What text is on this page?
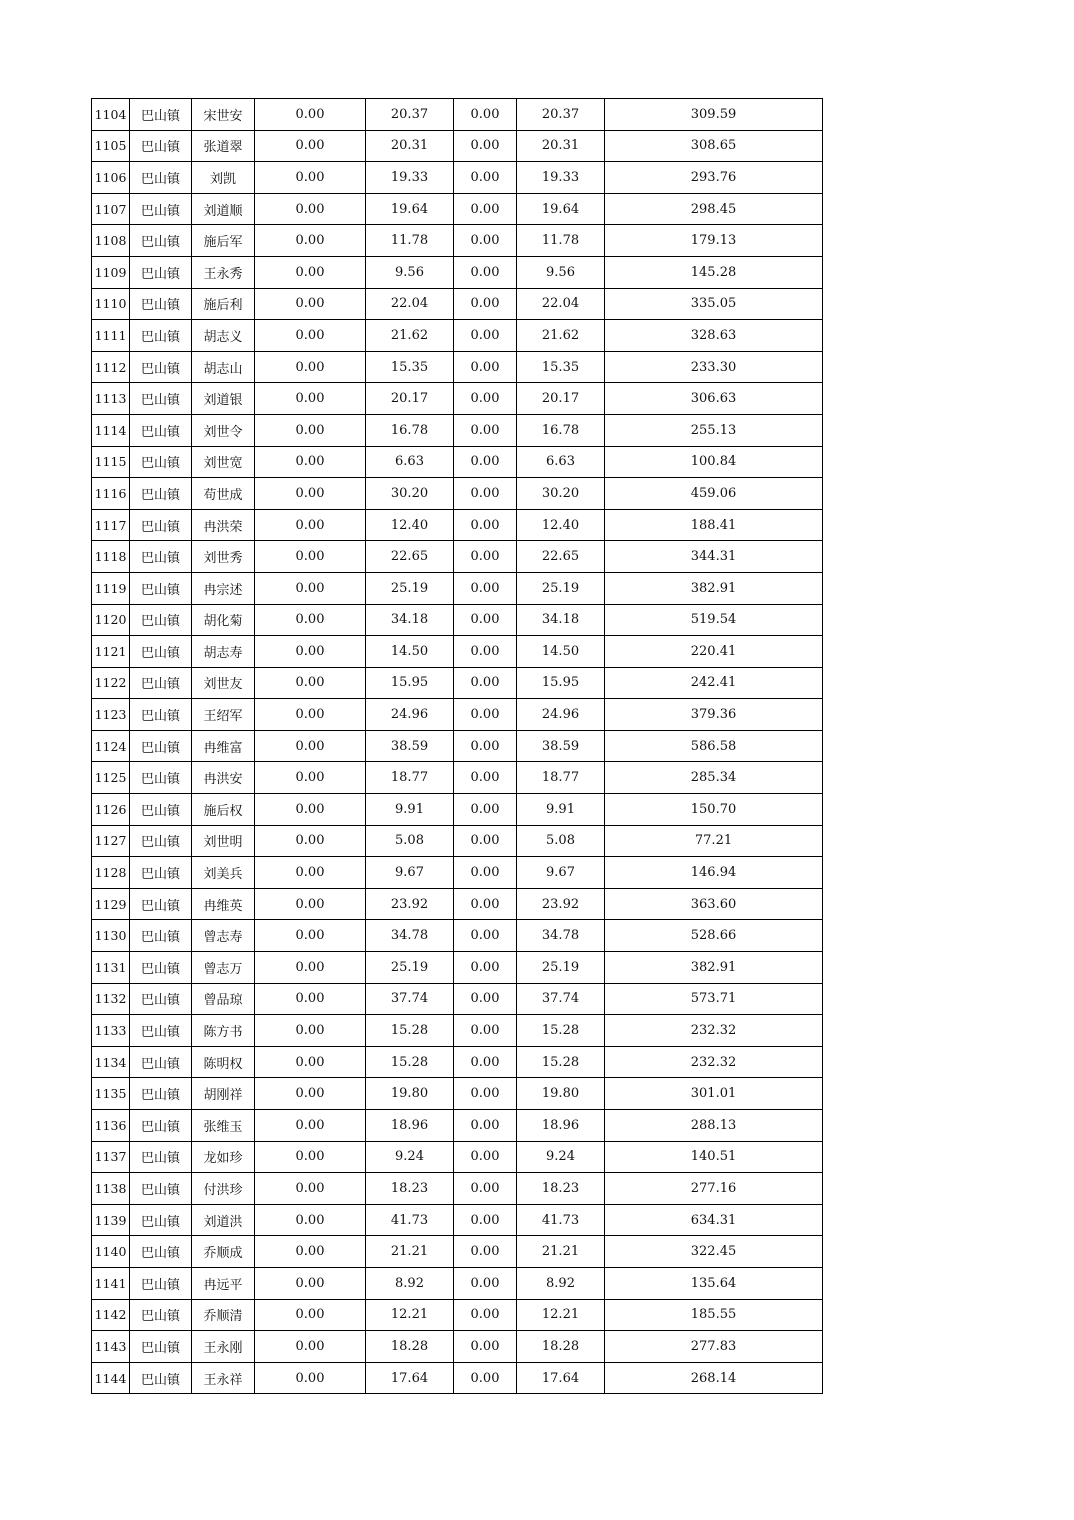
1104	巴山镇	宋世安	0.00	20.37	0.00	20.37	309.59
1105	巴山镇	张道翠	0.00	20.31	0.00	20.31	308.65
1106	巴山镇	刘凯	0.00	19.33	0.00	19.33	293.76
1107	巴山镇	刘道顺	0.00	19.64	0.00	19.64	298.45
1108	巴山镇	施后军	0.00	11.78	0.00	11.78	179.13
1109	巴山镇	王永秀	0.00	9.56	0.00	9.56	145.28
1110	巴山镇	施后利	0.00	22.04	0.00	22.04	335.05
1111	巴山镇	胡志义	0.00	21.62	0.00	21.62	328.63
1112	巴山镇	胡志山	0.00	15.35	0.00	15.35	233.30
1113	巴山镇	刘道银	0.00	20.17	0.00	20.17	306.63
1114	巴山镇	刘世令	0.00	16.78	0.00	16.78	255.13
1115	巴山镇	刘世宽	0.00	6.63	0.00	6.63	100.84
1116	巴山镇	苟世成	0.00	30.20	0.00	30.20	459.06
1117	巴山镇	冉洪荣	0.00	12.40	0.00	12.40	188.41
1118	巴山镇	刘世秀	0.00	22.65	0.00	22.65	344.31
1119	巴山镇	冉宗述	0.00	25.19	0.00	25.19	382.91
1120	巴山镇	胡化菊	0.00	34.18	0.00	34.18	519.54
1121	巴山镇	胡志寿	0.00	14.50	0.00	14.50	220.41
1122	巴山镇	刘世友	0.00	15.95	0.00	15.95	242.41
1123	巴山镇	王绍军	0.00	24.96	0.00	24.96	379.36
1124	巴山镇	冉维富	0.00	38.59	0.00	38.59	586.58
1125	巴山镇	冉洪安	0.00	18.77	0.00	18.77	285.34
1126	巴山镇	施后权	0.00	9.91	0.00	9.91	150.70
1127	巴山镇	刘世明	0.00	5.08	0.00	5.08	77.21
1128	巴山镇	刘美兵	0.00	9.67	0.00	9.67	146.94
1129	巴山镇	冉维英	0.00	23.92	0.00	23.92	363.60
1130	巴山镇	曾志寿	0.00	34.78	0.00	34.78	528.66
1131	巴山镇	曾志万	0.00	25.19	0.00	25.19	382.91
1132	巴山镇	曾品琼	0.00	37.74	0.00	37.74	573.71
1133	巴山镇	陈方书	0.00	15.28	0.00	15.28	232.32
1134	巴山镇	陈明权	0.00	15.28	0.00	15.28	232.32
1135	巴山镇	胡刚祥	0.00	19.80	0.00	19.80	301.01
1136	巴山镇	张维玉	0.00	18.96	0.00	18.96	288.13
1137	巴山镇	龙如珍	0.00	9.24	0.00	9.24	140.51
1138	巴山镇	付洪珍	0.00	18.23	0.00	18.23	277.16
1139	巴山镇	刘道洪	0.00	41.73	0.00	41.73	634.31
1140	巴山镇	乔顺成	0.00	21.21	0.00	21.21	322.45
1141	巴山镇	冉远平	0.00	8.92	0.00	8.92	135.64
1142	巴山镇	乔顺清	0.00	12.21	0.00	12.21	185.55
1143	巴山镇	王永刚	0.00	18.28	0.00	18.28	277.83
1144	巴山镇	王永祥	0.00	17.64	0.00	17.64	268.14
